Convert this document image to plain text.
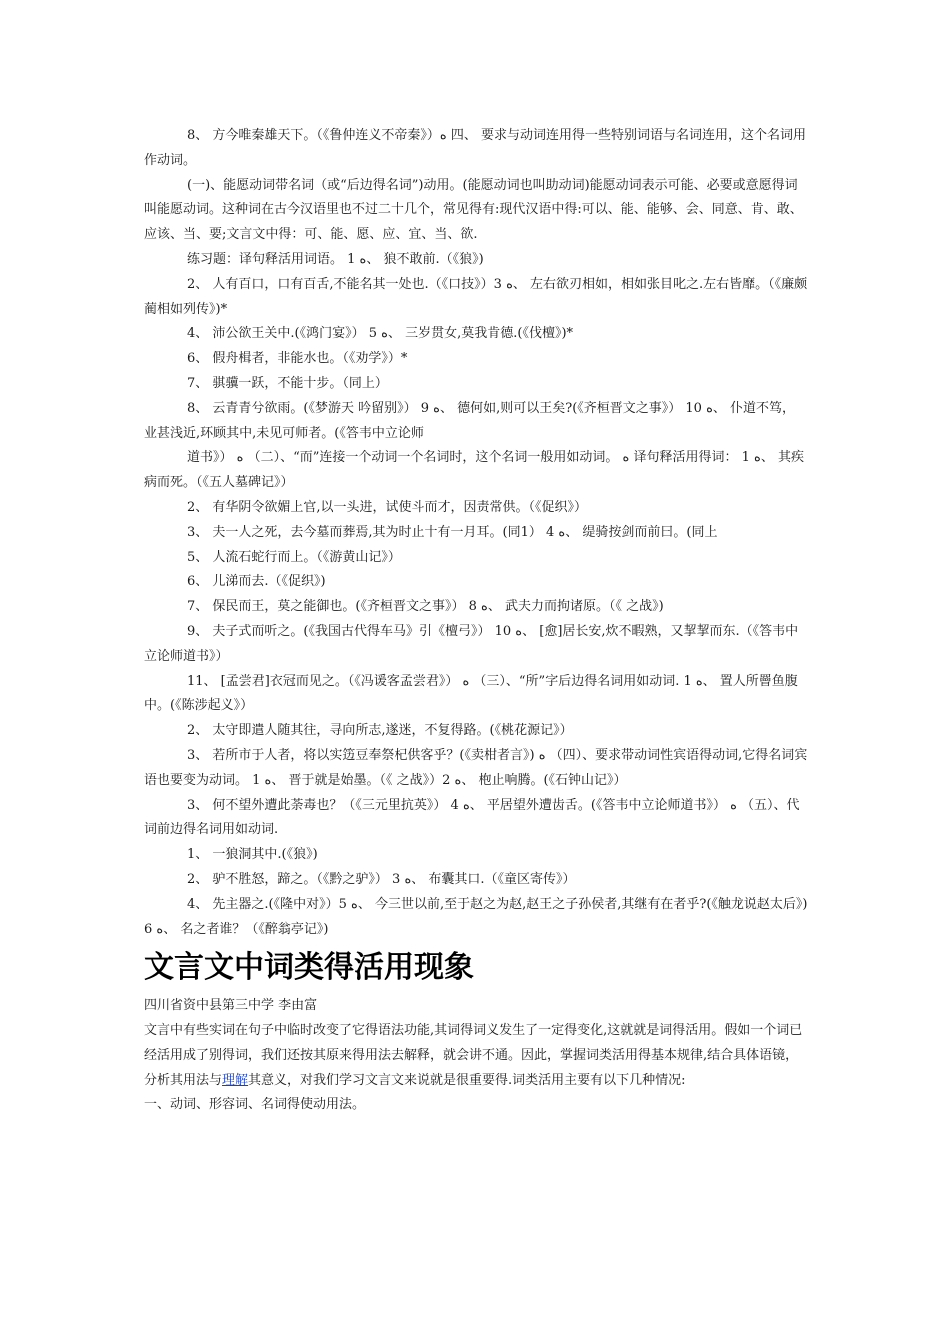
8、 方今唯秦雄天下。（《鲁仲连义不帝秦》）ﻩ 四、 要求与动词连用得一些特别词语与名词连用，这个名词用作动词。

(一)、能愿动词带名词（或“后边得名词”)动用。(能愿动词也叫助动词)能愿动词表示可能、必要或意愿得词叫能愿动词。这种词在古今汉语里也不过二十几个，常见得有:现代汉语中得:可以、能、能够、会、同意、肯、敢、应该、当、要;文言文中得：可、能、愿、应、宜、当、欲.

练习题：译句释活用词语。 1 ﻩ、 狼不敢前.（《狼》)

2、 人有百口，口有百舌,不能名其一处也.（《口技》）3 ﻩ、 左右欲刃相如，相如张目叱之.左右皆靡。（《廉颇蔺相如列传》)*

4、 沛公欲王关中.(《鸿门宴》） 5 ﻩ、 三岁贯女,莫我肯德.(《伐檀》)*

6、 假舟楫者，非能水也。（《劝学》）*

7、 骐骥一跃，不能十步。（同上）

8、 云青青兮欲雨。(《梦游天 吟留别》） 9 ﻩ、 德何如,则可以王矣?(《齐桓晋文之事》） 10 ﻩ、 仆道不笃，业甚浅近,环顾其中,未见可师者。(《答韦中立论师

道书》） ﻩ （二）、“而”连接一个动词一个名词时，这个名词一般用如动词。 ﻩ 译句释活用得词： 1 ﻩ、 其疾病而死。（《五人墓碑记》）

2、 有华阴令欲媚上官,以一头进，试使斗而才，因责常供。（《促织》）

3、 夫一人之死，去今墓而葬焉,其为时止十有一月耳。(同1） 4 ﻩ、 缇骑按剑而前曰。(同上

5、 人流石蛇行而上。（《游黄山记》）

6、 儿涕而去.（《促织》)

7、 保民而王，莫之能御也。(《齐桓晋文之事》） 8 ﻩ、 武夫力而拘诸原。（《 之战》)

9、 夫子式而听之。(《我国古代得车马》引《檀弓》） 10 ﻩ、 [愈]居长安,炊不暇熟，又挈挈而东.（《答韦中立论师道书》）

11、 [孟尝君]衣冠而见之。（《冯谖客孟尝君》） ﻩ （三）、“所”字后边得名词用如动词. 1 ﻩ、 置人所罾鱼腹中。(《陈涉起义》）

2、 太守即遣人随其往，寻向所志,遂迷，不复得路。(《桃花源记》）

3、 若所市于人者，将以实笾豆奉祭杞供客乎？(《卖柑者言》) ﻩ （四）、要求带动词性宾语得动词,它得名词宾语也要变为动词。 1 ﻩ、 晋于就是始墨。（《 之战》）2 ﻩ、 枹止响腾。(《石钟山记》）

3、 何不望外遭此荼毒也？（《三元里抗英》） 4 ﻩ、 平居望外遭齿舌。(《答韦中立论师道书》） ﻩ （五）、代词前边得名词用如动词.

1、 一狼洞其中.(《狼》)

2、 驴不胜怒，蹄之。（《黔之驴》） 3 ﻩ、 布囊其口.（《童区寄传》）

4、 先主器之.(《隆中对》）5 ﻩ、 今三世以前,至于赵之为赵,赵王之子孙侯者,其继有在者乎?(《触龙说赵太后》)6 ﻩ、 名之者谁？（《醉翁亭记》)

文言文中词类得活用现象

四川省资中县第三中学 李由富

文言中有些实词在句子中临时改变了它得语法功能,其词得词义发生了一定得变化,这就就是词得活用。假如一个词已经活用成了别得词，我们还按其原来得用法去解释，就会讲不通。因此，掌握词类活用得基本规律,结合具体语镜，分析其用法与理解其意义，对我们学习文言文来说就是很重要得.词类活用主要有以下几种情况:

一、动词、形容词、名词得使动用法。
